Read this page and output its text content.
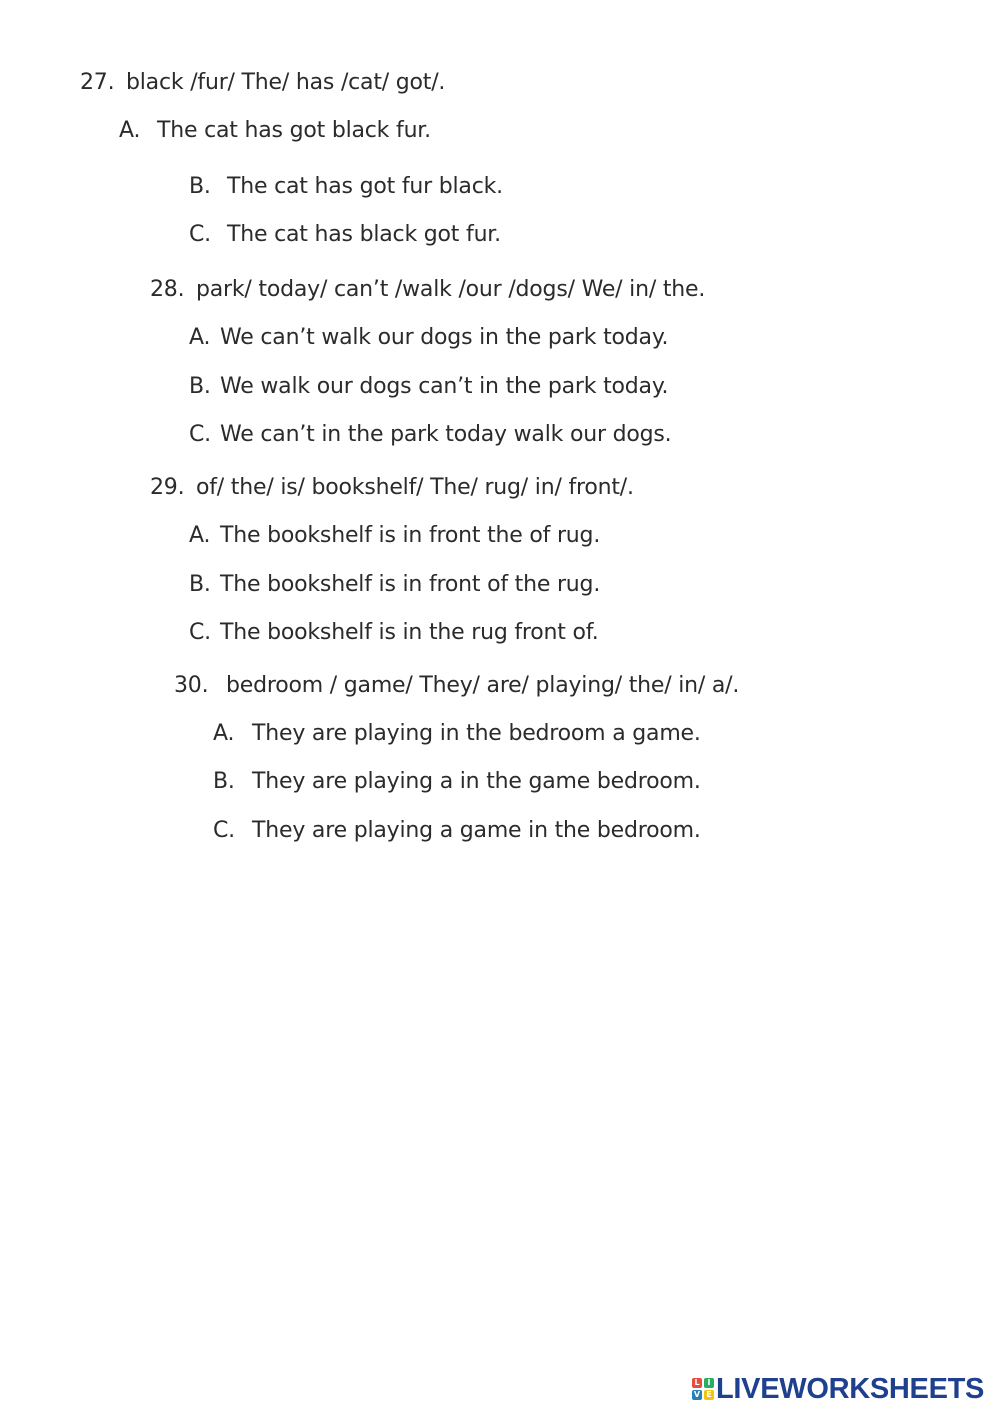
27. black /fur/ The/ has /cat/ got/.
A. The cat has got black fur.
B. The cat has got fur black.
C. The cat has black got fur.
28. park/ today/ can’t /walk /our /dogs/ We/ in/ the.
A. We can’t walk our dogs in the park today.
B. We walk our dogs can’t in the park today.
C. We can’t in the park today walk our dogs.
29. of/ the/ is/ bookshelf/ The/ rug/ in/ front/.
A. The bookshelf is in front the of rug.
B. The bookshelf is in front of the rug.
C. The bookshelf is in the rug front of.
30. bedroom / game/ They/ are/ playing/ the/ in/ a/.
A. They are playing in the bedroom a game.
B. They are playing a in the game bedroom.
C. They are playing a game in the bedroom.
L I
V E LIVEWORKSHEETS
